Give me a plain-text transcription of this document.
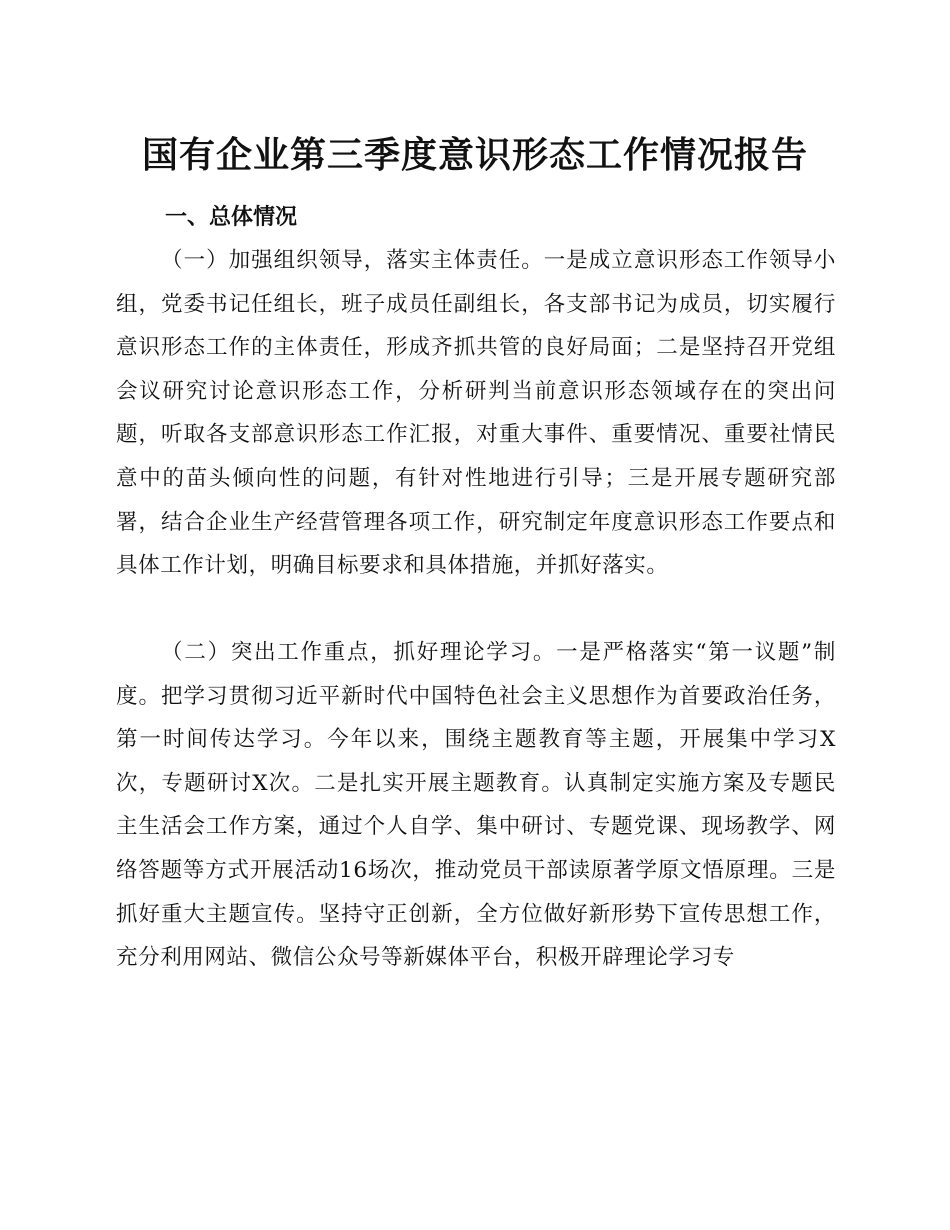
国有企业第三季度意识形态工作情况报告
一、总体情况

（一）加强组织领导，落实主体责任。一是成立意识形态工作领导小组，党委书记任组长，班子成员任副组长，各支部书记为成员，切实履行意识形态工作的主体责任，形成齐抓共管的良好局面；二是坚持召开党组会议研究讨论意识形态工作，分析研判当前意识形态领域存在的突出问题，听取各支部意识形态工作汇报，对重大事件、重要情况、重要社情民意中的苗头倾向性的问题，有针对性地进行引导；三是开展专题研究部署，结合企业生产经营管理各项工作，研究制定年度意识形态工作要点和具体工作计划，明确目标要求和具体措施，并抓好落实。

（二）突出工作重点，抓好理论学习。一是严格落实“第一议题”制度。把学习贯彻习近平新时代中国特色社会主义思想作为首要政治任务，第一时间传达学习。今年以来，围绕主题教育等主题，开展集中学习X次，专题研讨X次。二是扎实开展主题教育。认真制定实施方案及专题民主生活会工作方案，通过个人自学、集中研讨、专题党课、现场教学、网络答题等方式开展活动16场次，推动党员干部读原著学原文悟原理。三是抓好重大主题宣传。坚持守正创新，全方位做好新形势下宣传思想工作，充分利用网站、微信公众号等新媒体平台，积极开辟理论学习专
